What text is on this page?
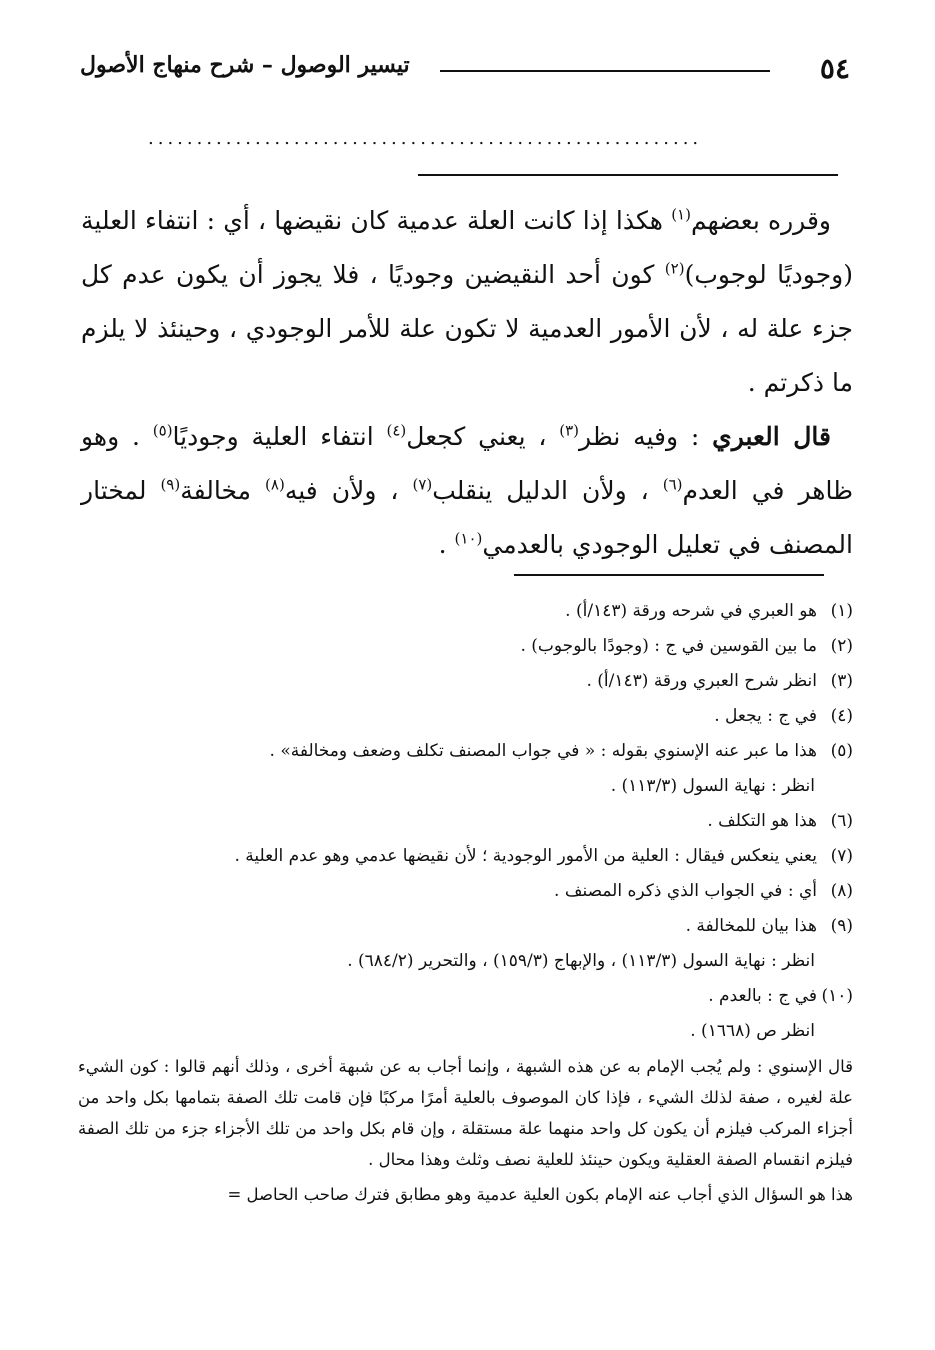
٥٤
تيسير الوصول – شرح منهاج الأصول
.........................................................

وقرره بعضهم$^{(١)}$ هكذا إذا كانت العلة عدمية كان نقيضها ، أي : انتفاء العلية (وجوديًا لوجوب)$^{(٢)}$ كون أحد النقيضين وجوديًا ، فلا يجوز أن يكون عدم كل جزء علة له ، لأن الأمور العدمية لا تكون علة للأمر الوجودي ، وحينئذ لا يلزم ما ذكرتم .

قال العبري : وفيه نظر$^{(٣)}$ ، يعني كجعل$^{(٤)}$ انتفاء العلية وجوديًا$^{(٥)}$ . وهو ظاهر في العدم$^{(٦)}$ ، ولأن الدليل ينقلب$^{(٧)}$ ، ولأن فيه$^{(٨)}$ مخالفة$^{(٩)}$ لمختار المصنف في تعليل الوجودي بالعدمي$^{(١٠)}$ .

(١)هو العبري في شرحه ورقة (١٤٣/أ) .
(٢)ما بين القوسين في ج : (وجودًا بالوجوب) .
(٣)انظر شرح العبري ورقة (١٤٣/أ) .
(٤)في ج : يجعل .
(٥)هذا ما عبر عنه الإسنوي بقوله : « في جواب المصنف تكلف وضعف ومخالفة» .
انظر : نهاية السول (١١٣/٣) .
(٦)هذا هو التكلف .
(٧)يعني ينعكس فيقال : العلية من الأمور الوجودية ؛ لأن نقيضها عدمي وهو عدم العلية .
(٨)أي : في الجواب الذي ذكره المصنف .
(٩)هذا بيان للمخالفة .
انظر : نهاية السول (١١٣/٣) ، والإبهاج (١٥٩/٣) ، والتحرير (٦٨٤/٢) .
(١٠)في ج : بالعدم .
انظر ص (١٦٦٨) .

قال الإسنوي : ولم يُجب الإمام به عن هذه الشبهة ، وإنما أجاب به عن شبهة أخرى ، وذلك أنهم قالوا : كون الشيء علة لغيره ، صفة لذلك الشيء ، فإذا كان الموصوف بالعلية أمرًا مركبًا فإن قامت تلك الصفة بتمامها بكل واحد من أجزاء المركب فيلزم أن يكون كل واحد منهما علة مستقلة ، وإن قام بكل واحد من تلك الأجزاء جزء من تلك الصفة فيلزم انقسام الصفة العقلية ويكون حينئذ للعلية نصف وثلث وهذا محال .

هذا هو السؤال الذي أجاب عنه الإمام بكون العلية عدمية وهو مطابق فترك صاحب الحاصل =
